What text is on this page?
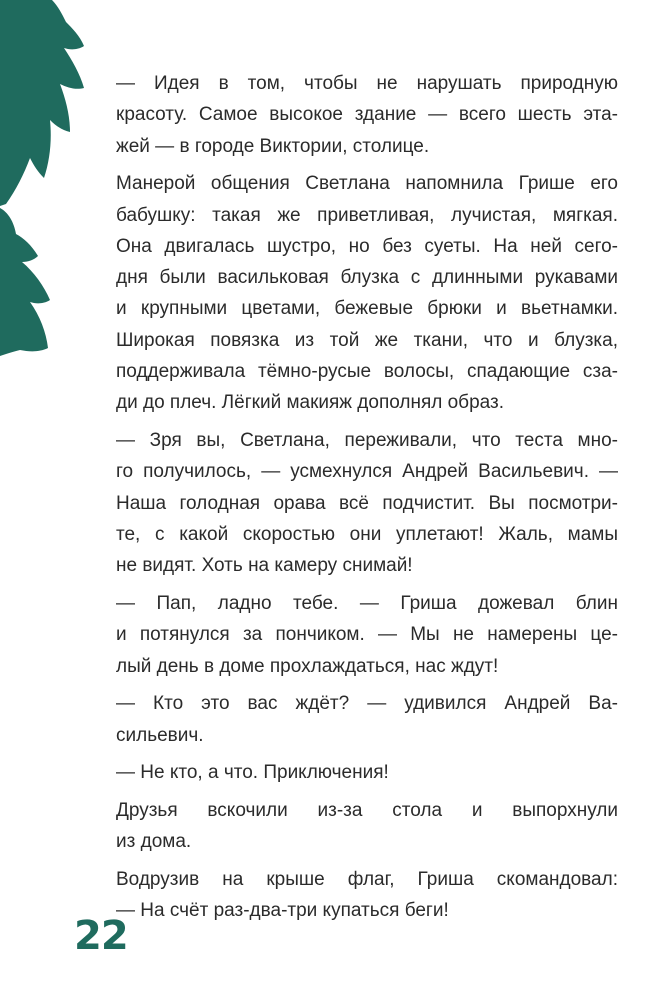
— Идея в том, чтобы не нарушать природную
красоту. Самое высокое здание — всего шесть эта-
жей — в городе Виктории, столице.

Манерой общения Светлана напомнила Грише его
бабушку: такая же приветливая, лучистая, мягкая.
Она двигалась шустро, но без суеты. На ней сего-
дня были васильковая блузка с длинными рукавами
и крупными цветами, бежевые брюки и вьетнамки.
Широкая повязка из той же ткани, что и блузка,
поддерживала тёмно-русые волосы, спадающие сза-
ди до плеч. Лёгкий макияж дополнял образ.

— Зря вы, Светлана, переживали, что теста мно-
го получилось, — усмехнулся Андрей Васильевич. —
Наша голодная орава всё подчистит. Вы посмотри-
те, с какой скоростью они уплетают! Жаль, мамы
не видят. Хоть на камеру снимай!

— Пап, ладно тебе. — Гриша дожевал блин
и потянулся за пончиком. — Мы не намерены це-
лый день в доме прохлаждаться, нас ждут!

— Кто это вас ждёт? — удивился Андрей Ва-
сильевич.

— Не кто, а что. Приключения!

Друзья вскочили из-за стола и выпорхнули
из дома.

Водрузив на крыше флаг, Гриша скомандовал:
— На счёт раз-два-три купаться беги!

22
